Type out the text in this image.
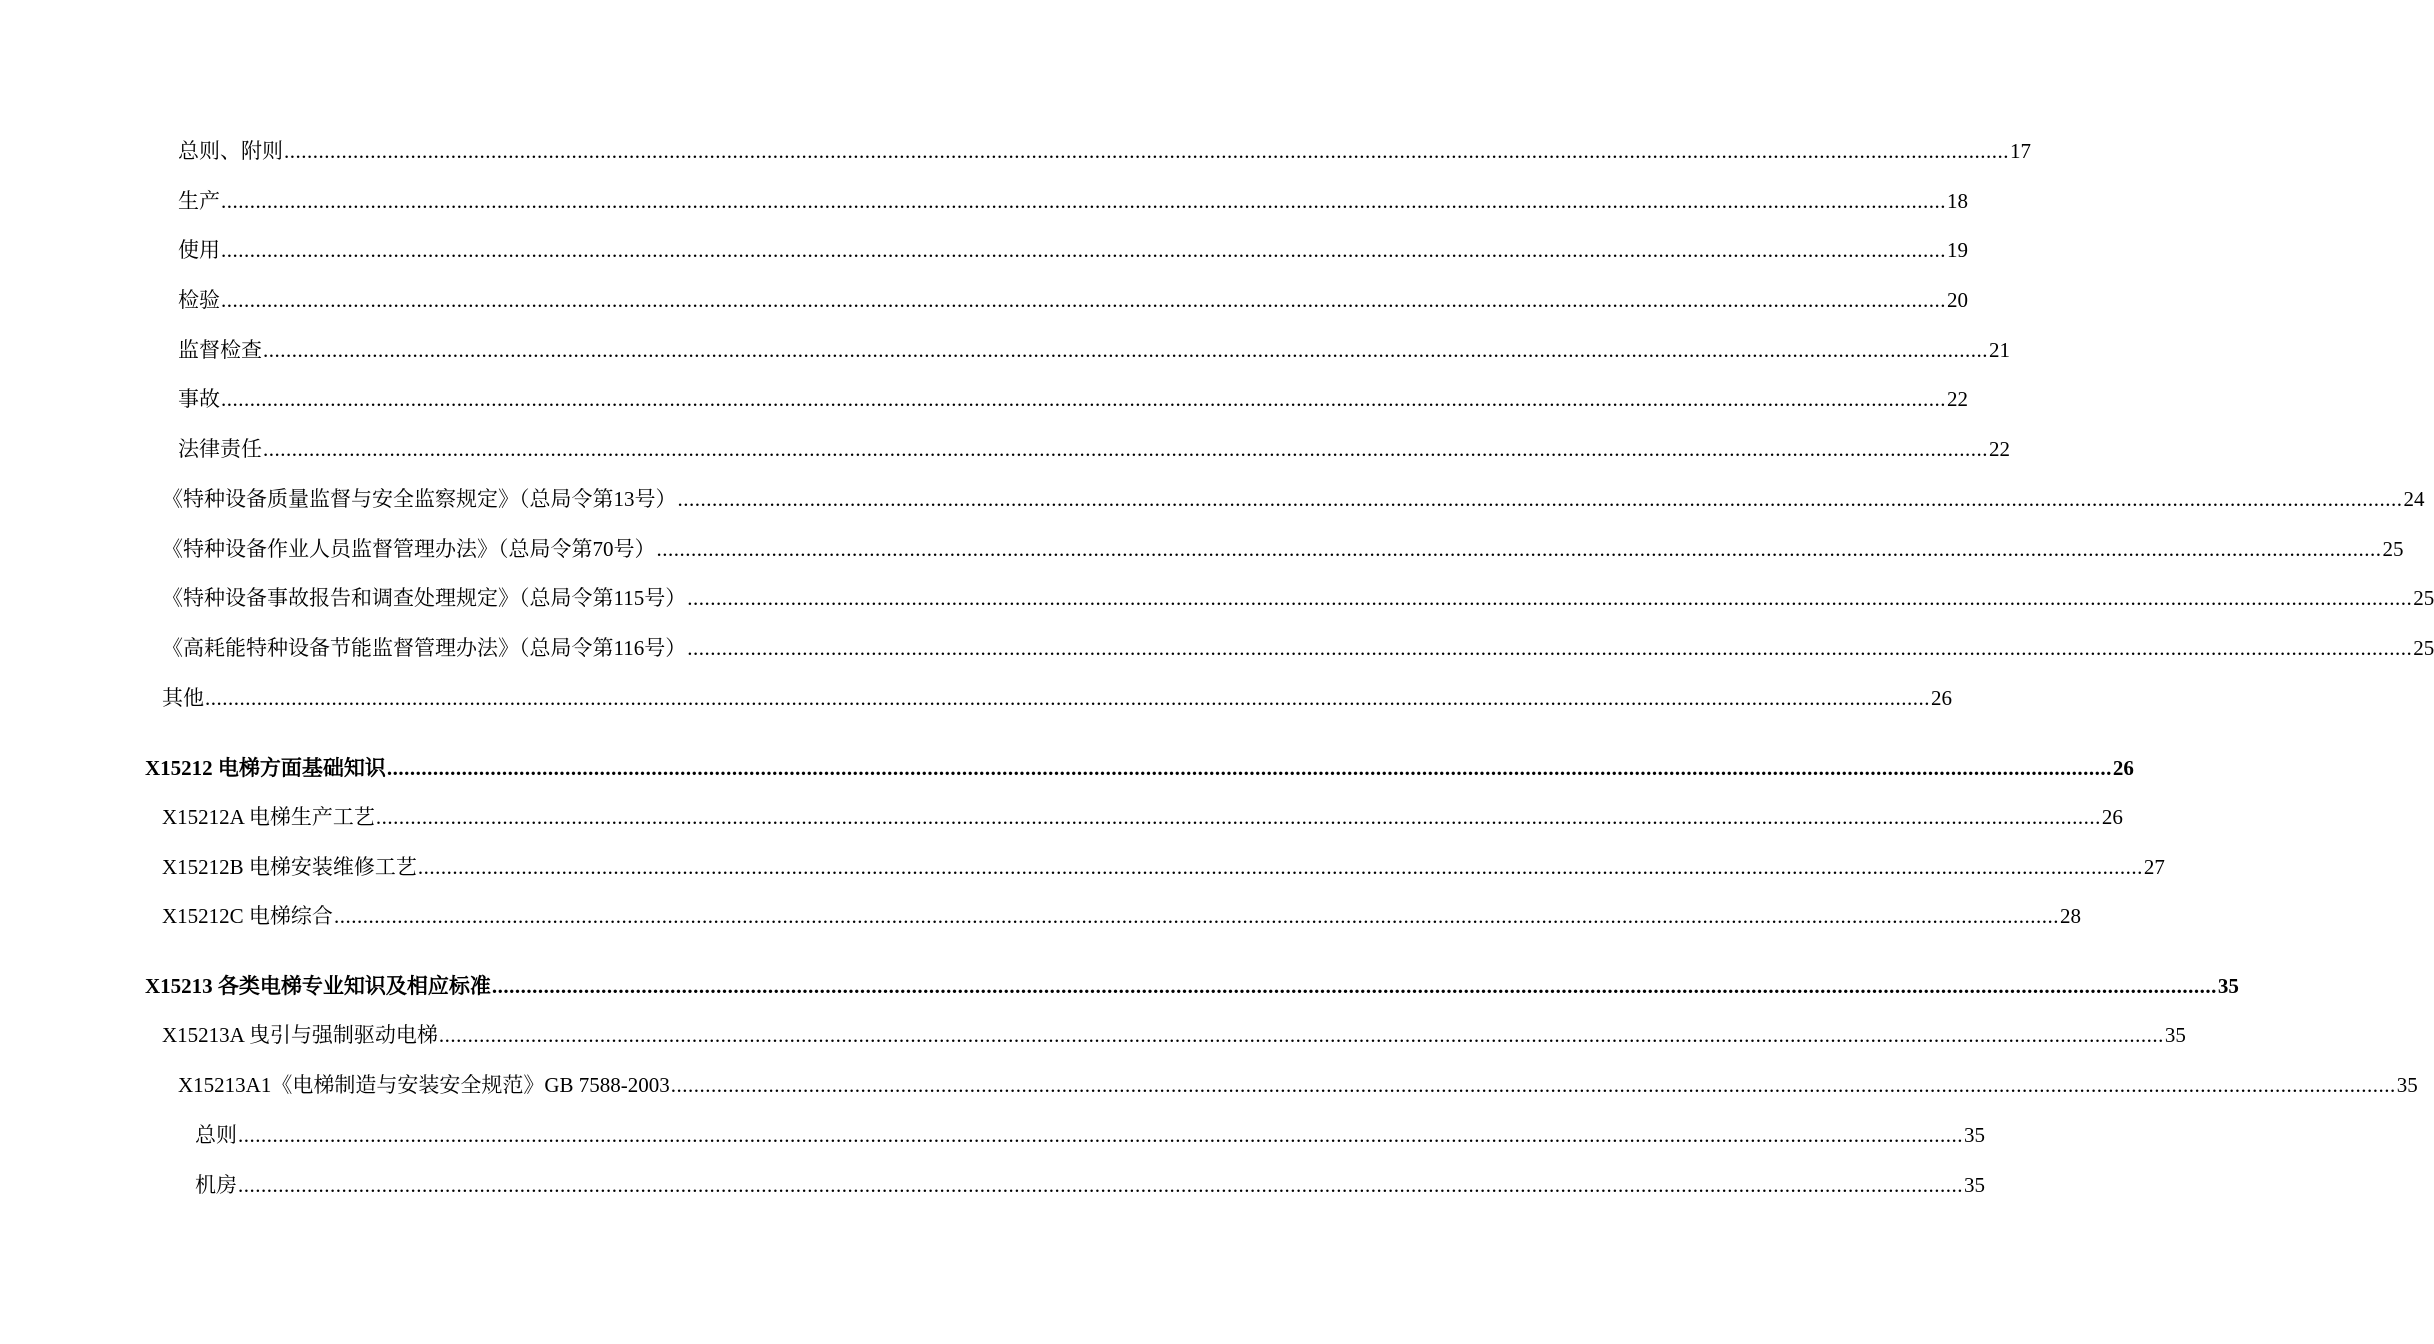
总则、附则 ............................................................................................................................................................................................................................................................................................................ 17
生产 ............................................................................................................................................................................................................................................................................................................ 18
使用 ............................................................................................................................................................................................................................................................................................................ 19
检验 ............................................................................................................................................................................................................................................................................................................ 20
监督检查 ............................................................................................................................................................................................................................................................................................................ 21
事故 ............................................................................................................................................................................................................................................................................................................ 22
法律责任 ............................................................................................................................................................................................................................................................................................................ 22
《特种设备质量监督与安全监察规定》（总局令第13号） ............................................................................................................................................................................................................................................................................................................ 24
《特种设备作业人员监督管理办法》（总局令第70号） ............................................................................................................................................................................................................................................................................................................ 25
《特种设备事故报告和调查处理规定》（总局令第115号） ............................................................................................................................................................................................................................................................................................................ 25
《高耗能特种设备节能监督管理办法》（总局令第116号） ............................................................................................................................................................................................................................................................................................................ 25
其他 ............................................................................................................................................................................................................................................................................................................ 26
X15212 电梯方面基础知识 ............................................................................................................................................................................................................................................................................................................ 26
X15212A 电梯生产工艺 ............................................................................................................................................................................................................................................................................................................ 26
X15212B 电梯安装维修工艺 ............................................................................................................................................................................................................................................................................................................ 27
X15212C 电梯综合 ............................................................................................................................................................................................................................................................................................................ 28
X15213 各类电梯专业知识及相应标准 ............................................................................................................................................................................................................................................................................................................ 35
X15213A 曳引与强制驱动电梯 ............................................................................................................................................................................................................................................................................................................ 35
X15213A1《电梯制造与安装安全规范》GB 7588-2003 ............................................................................................................................................................................................................................................................................................................ 35
总则 ............................................................................................................................................................................................................................................................................................................ 35
机房 ............................................................................................................................................................................................................................................................................................................ 35
